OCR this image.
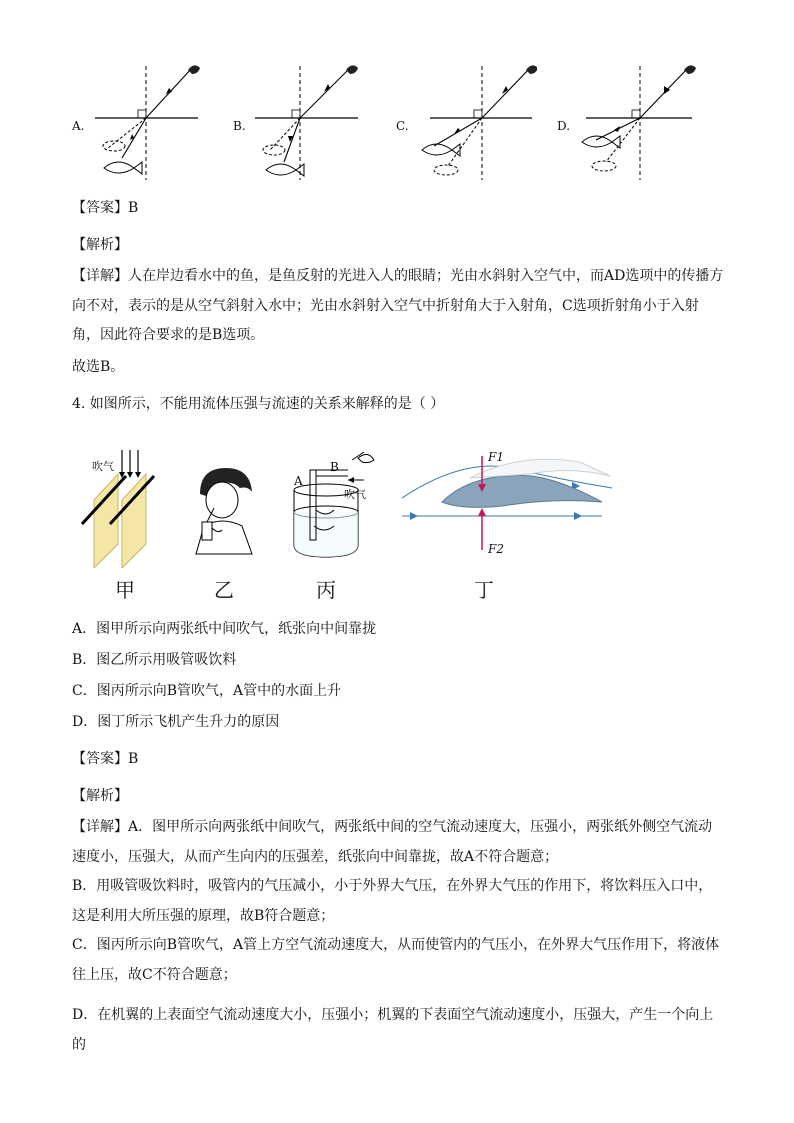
A.	B.	C.	D.
【答案】B
【解析】
【详解】人在岸边看水中的鱼，是鱼反射的光进入人的眼睛；光由水斜射入空气中，而AD选项中的传播方向不对，表示的是从空气斜射入水中；光由水斜射入空气中折射角大于入射角，C选项折射角小于入射角，因此符合要求的是B选项。
故选B。
4. 如图所示，不能用流体压强与流速的关系来解释的是（ ）
吹气
A
B
吹气
F1
F2
甲	乙	丙	丁
A．图甲所示向两张纸中间吹气，纸张向中间靠拢
B．图乙所示用吸管吸饮料
C．图丙所示向B管吹气，A管中的水面上升
D．图丁所示飞机产生升力的原因
【答案】B
【解析】
【详解】A．图甲所示向两张纸中间吹气，两张纸中间的空气流动速度大，压强小，两张纸外侧空气流动速度小，压强大，从而产生向内的压强差，纸张向中间靠拢，故A不符合题意；
B．用吸管吸饮料时，吸管内的气压减小，小于外界大气压，在外界大气压的作用下，将饮料压入口中，这是利用大所压强的原理，故B符合题意；
C．图丙所示向B管吹气，A管上方空气流动速度大，从而使管内的气压小，在外界大气压作用下，将液体往上压，故C不符合题意；
D．在机翼的上表面空气流动速度大小，压强小；机翼的下表面空气流动速度小，压强大，产生一个向上的
